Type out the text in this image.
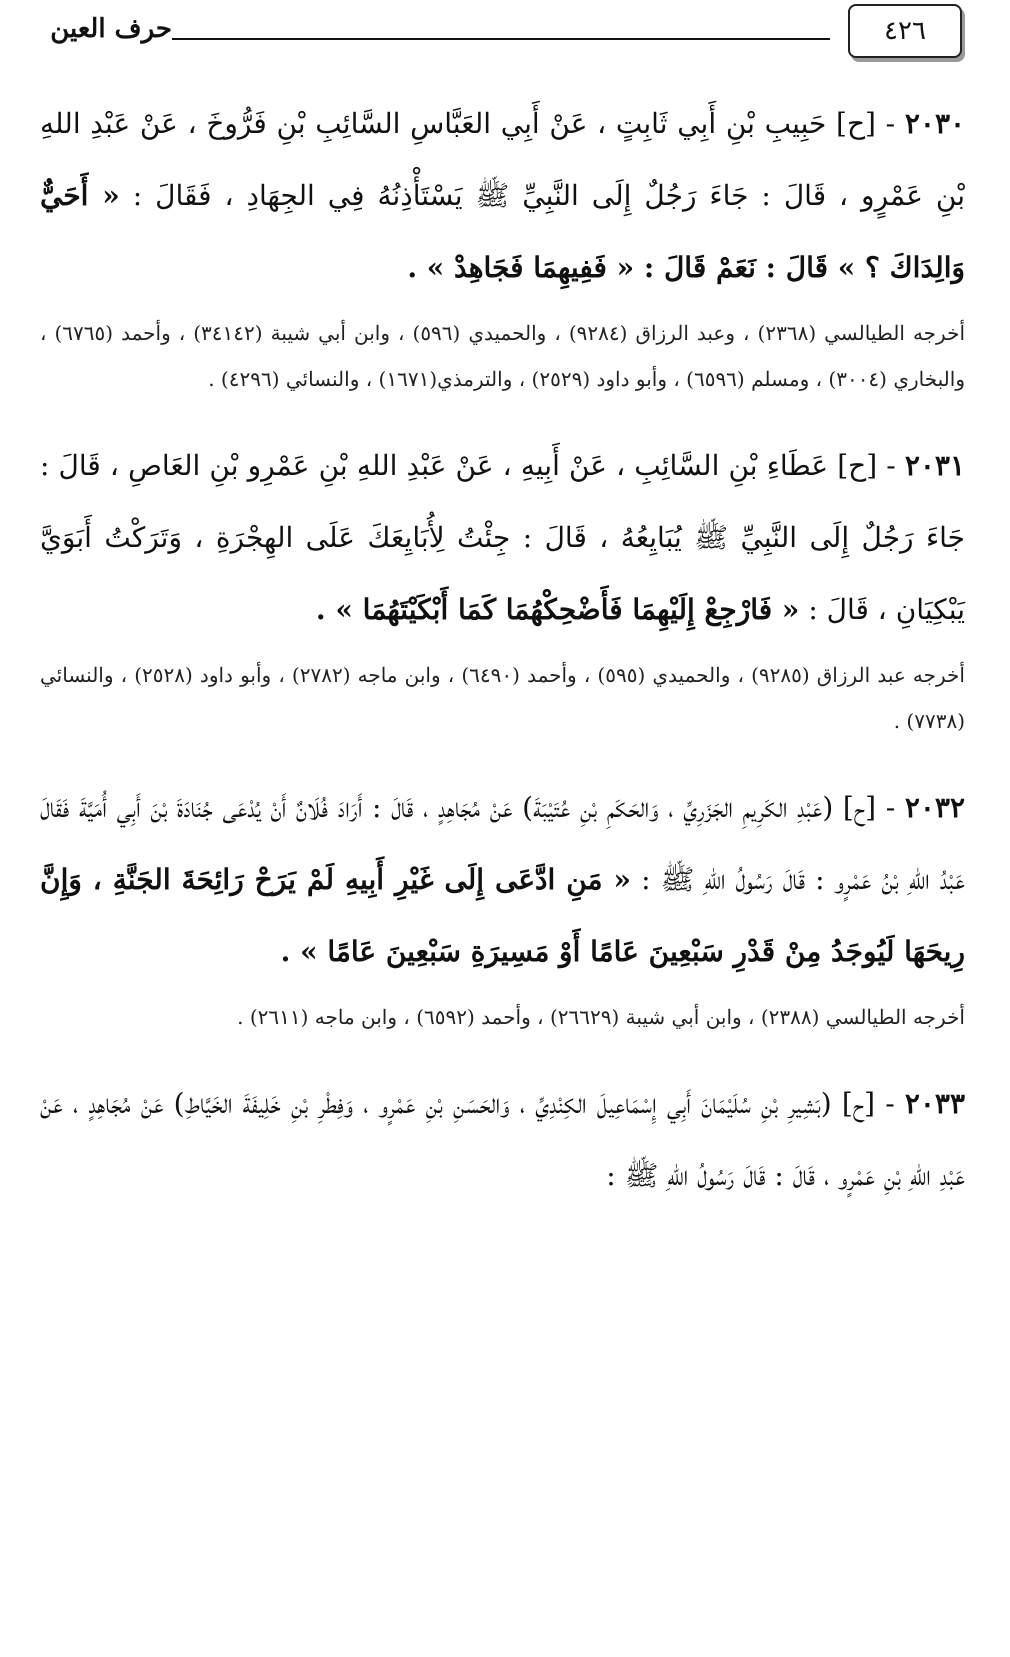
٤٢٦
حرف العين
٢٠٣٠ - [ح] حَبِيبِ بْنِ أَبِي ثَابِتٍ ، عَنْ أَبِي العَبَّاسِ السَّائِبِ بْنِ فَرُّوخَ ، عَنْ عَبْدِ اللهِ بْنِ عَمْرٍو ، قَالَ : جَاءَ رَجُلٌ إِلَى النَّبِيِّ ﷺ يَسْتَأْذِنُهُ فِي الجِهَادِ ، فَقَالَ : « أَحَيٌّ وَالِدَاكَ ؟ » قَالَ : نَعَمْ قَالَ : « فَفِيهِمَا فَجَاهِدْ » .
أخرجه الطيالسي (٢٣٦٨) ، وعبد الرزاق (٩٢٨٤) ، والحميدي (٥٩٦) ، وابن أبي شيبة (٣٤١٤٢) ، وأحمد (٦٧٦٥) ، والبخاري (٣٠٠٤) ، ومسلم (٦٥٩٦) ، وأبو داود (٢٥٢٩) ، والترمذي(١٦٧١) ، والنسائي (٤٢٩٦) .
٢٠٣١ - [ح] عَطَاءِ بْنِ السَّائِبِ ، عَنْ أَبِيهِ ، عَنْ عَبْدِ اللهِ بْنِ عَمْرِو بْنِ العَاصِ ، قَالَ : جَاءَ رَجُلٌ إِلَى النَّبِيِّ ﷺ يُبَايِعُهُ ، قَالَ : جِئْتُ لِأُبَايِعَكَ عَلَى الهِجْرَةِ ، وَتَرَكْتُ أَبَوَيَّ يَبْكِيَانِ ، قَالَ : « فَارْجِعْ إِلَيْهِمَا فَأَضْحِكْهُمَا كَمَا أَبْكَيْتَهُمَا » .
أخرجه عبد الرزاق (٩٢٨٥) ، والحميدي (٥٩٥) ، وأحمد (٦٤٩٠) ، وابن ماجه (٢٧٨٢) ، وأبو داود (٢٥٢٨) ، والنسائي (٧٧٣٨) .
٢٠٣٢ - [ح] (عَبْدِ الكَرِيمِ الجَزَرِيِّ ، وَالحَكَمِ بْنِ عُتَيْبَةَ) عَنْ مُجَاهِدٍ ، قَالَ : أَرَادَ فُلَانٌ أَنْ يُدْعَى جُنَادَةَ بْنَ أَبِي أُمَيَّةَ فَقَالَ عَبْدُ اللهِ بْنُ عَمْرٍو : قَالَ رَسُولُ اللهِ ﷺ : « مَنِ ادَّعَى إِلَى غَيْرِ أَبِيهِ لَمْ يَرَحْ رَائِحَةَ الجَنَّةِ ، وَإِنَّ رِيحَهَا لَيُوجَدُ مِنْ قَدْرِ سَبْعِينَ عَامًا أَوْ مَسِيرَةِ سَبْعِينَ عَامًا » .
أخرجه الطيالسي (٢٣٨٨) ، وابن أبي شيبة (٢٦٦٢٩) ، وأحمد (٦٥٩٢) ، وابن ماجه (٢٦١١) .
٢٠٣٣ - [ح] (بَشِيرِ بْنِ سُلَيْمَانَ أَبِي إِسْمَاعِيلَ الكِنْدِيِّ ، وَالحَسَنِ بْنِ عَمْرٍو ، وَفِطْرِ بْنِ خَلِيفَةَ الخَيَّاطِ) عَنْ مُجَاهِدٍ ، عَنْ عَبْدِ اللهِ بْنِ عَمْرٍو ، قَالَ : قَالَ رَسُولُ اللهِ ﷺ :
